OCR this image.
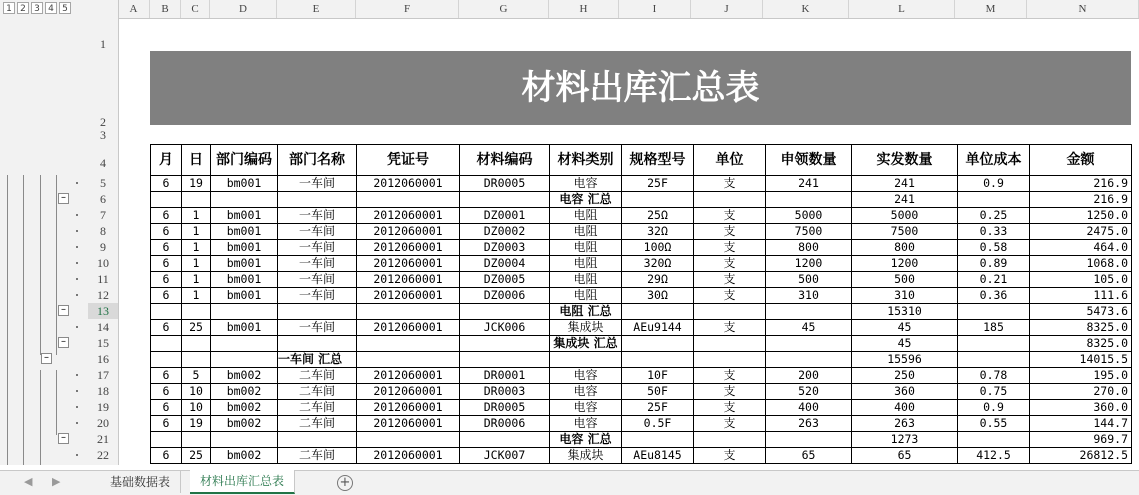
1 2 3 4 5	A	B	C	D	E	F	G	H	I	J	K	L	M	N
1
2
3
4
5
6
7
8
9
10
11
12
13
14
15
16
17
18
19
20
21
22
–
–
–
–
–
材料出库汇总表
月	日	部门编码	部门名称	凭证号	材料编码	材料类别	规格型号	单位	申领数量	实发数量	单位成本	金额
6	19	bm001	一车间	2012060001	DR0005	电容	25F	支	241	241	0.9	216.9
						电容 汇总				241		216.9
6	1	bm001	一车间	2012060001	DZ0001	电阻	25Ω	支	5000	5000	0.25	1250.0
6	1	bm001	一车间	2012060001	DZ0002	电阻	32Ω	支	7500	7500	0.33	2475.0
6	1	bm001	一车间	2012060001	DZ0003	电阻	100Ω	支	800	800	0.58	464.0
6	1	bm001	一车间	2012060001	DZ0004	电阻	320Ω	支	1200	1200	0.89	1068.0
6	1	bm001	一车间	2012060001	DZ0005	电阻	29Ω	支	500	500	0.21	105.0
6	1	bm001	一车间	2012060001	DZ0006	电阻	30Ω	支	310	310	0.36	111.6
						电阻 汇总				15310		5473.6
6	25	bm001	一车间	2012060001	JCK006	集成块	AEu9144	支	45	45	185	8325.0
						集成块 汇总				45		8325.0
			一车间 汇总							15596		14015.5
6	5	bm002	二车间	2012060001	DR0001	电容	10F	支	200	250	0.78	195.0
6	10	bm002	二车间	2012060001	DR0003	电容	50F	支	520	360	0.75	270.0
6	10	bm002	二车间	2012060001	DR0005	电容	25F	支	400	400	0.9	360.0
6	19	bm002	二车间	2012060001	DR0006	电容	0.5F	支	263	263	0.55	144.7
						电容 汇总				1273		969.7
6	25	bm002	二车间	2012060001	JCK007	集成块	AEu8145	支	65	65	412.5	26812.5
◀ ▶	基础数据表	材料出库汇总表	+
